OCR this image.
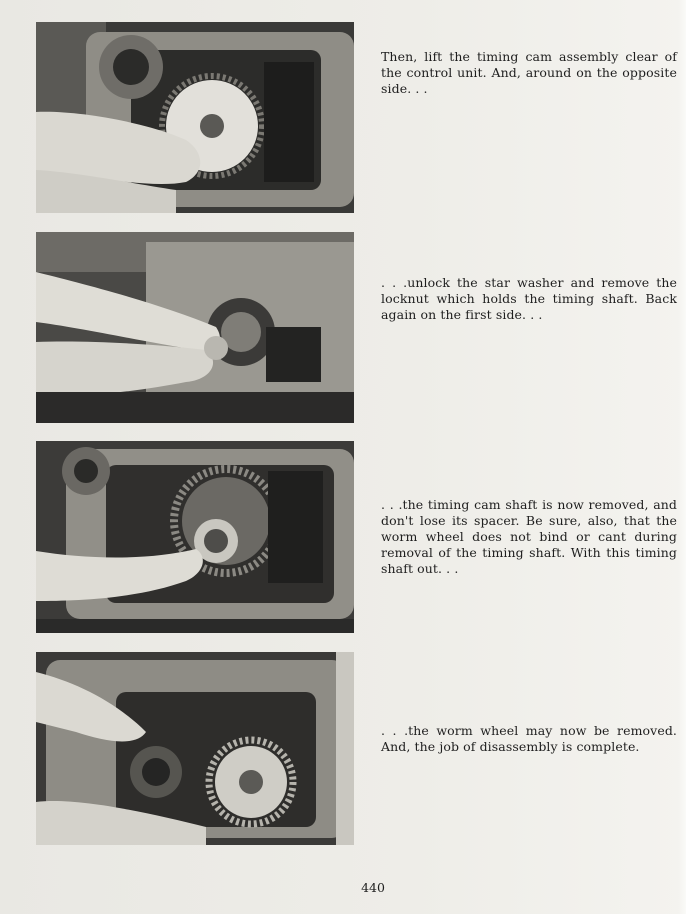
Then, lift the timing cam assembly clear of the control unit. And, around on the opposite side. . .

. . .unlock the star washer and remove the locknut which holds the timing shaft. Back again on the first side. . .

. . .the timing cam shaft is now removed, and don't lose its spacer. Be sure, also, that the worm wheel does not bind or cant during removal of the timing shaft. With this timing shaft out. . .

. . .the worm wheel may now be removed. And, the job of disassembly is complete.

440
